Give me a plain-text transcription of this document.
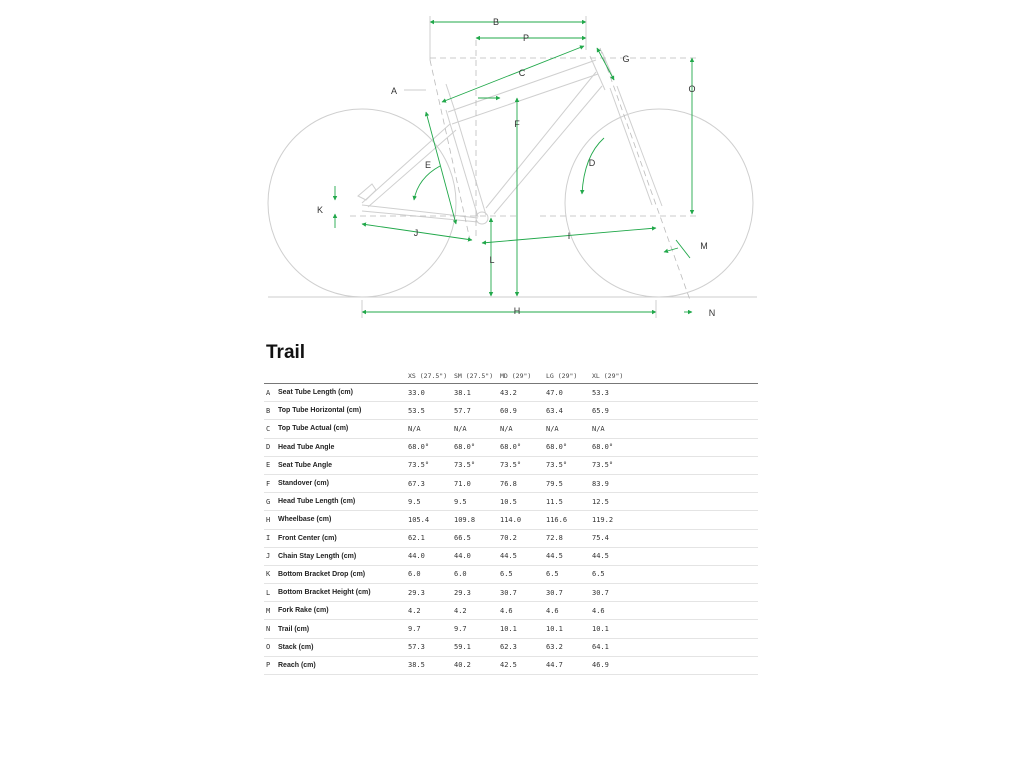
B
P
C
G
A	O
F
E	D
K
J	I
M
L
H	N
Trail
		XS (27.5")	SM (27.5")	MD (29")	LG (29")	XL (29")	
A	Seat Tube Length (cm)	33.0	38.1	43.2	47.0	53.3	
B	Top Tube Horizontal (cm)	53.5	57.7	60.9	63.4	65.9	
C	Top Tube Actual (cm)	N/A	N/A	N/A	N/A	N/A	
D	Head Tube Angle	68.0°	68.0°	68.0°	68.0°	68.0°	
E	Seat Tube Angle	73.5°	73.5°	73.5°	73.5°	73.5°	
F	Standover (cm)	67.3	71.0	76.8	79.5	83.9	
G	Head Tube Length (cm)	9.5	9.5	10.5	11.5	12.5	
H	Wheelbase (cm)	105.4	109.8	114.0	116.6	119.2	
I	Front Center (cm)	62.1	66.5	70.2	72.8	75.4	
J	Chain Stay Length (cm)	44.0	44.0	44.5	44.5	44.5	
K	Bottom Bracket Drop (cm)	6.0	6.0	6.5	6.5	6.5	
L	Bottom Bracket Height (cm)	29.3	29.3	30.7	30.7	30.7	
M	Fork Rake (cm)	4.2	4.2	4.6	4.6	4.6	
N	Trail (cm)	9.7	9.7	10.1	10.1	10.1	
O	Stack (cm)	57.3	59.1	62.3	63.2	64.1	
P	Reach (cm)	38.5	40.2	42.5	44.7	46.9	
